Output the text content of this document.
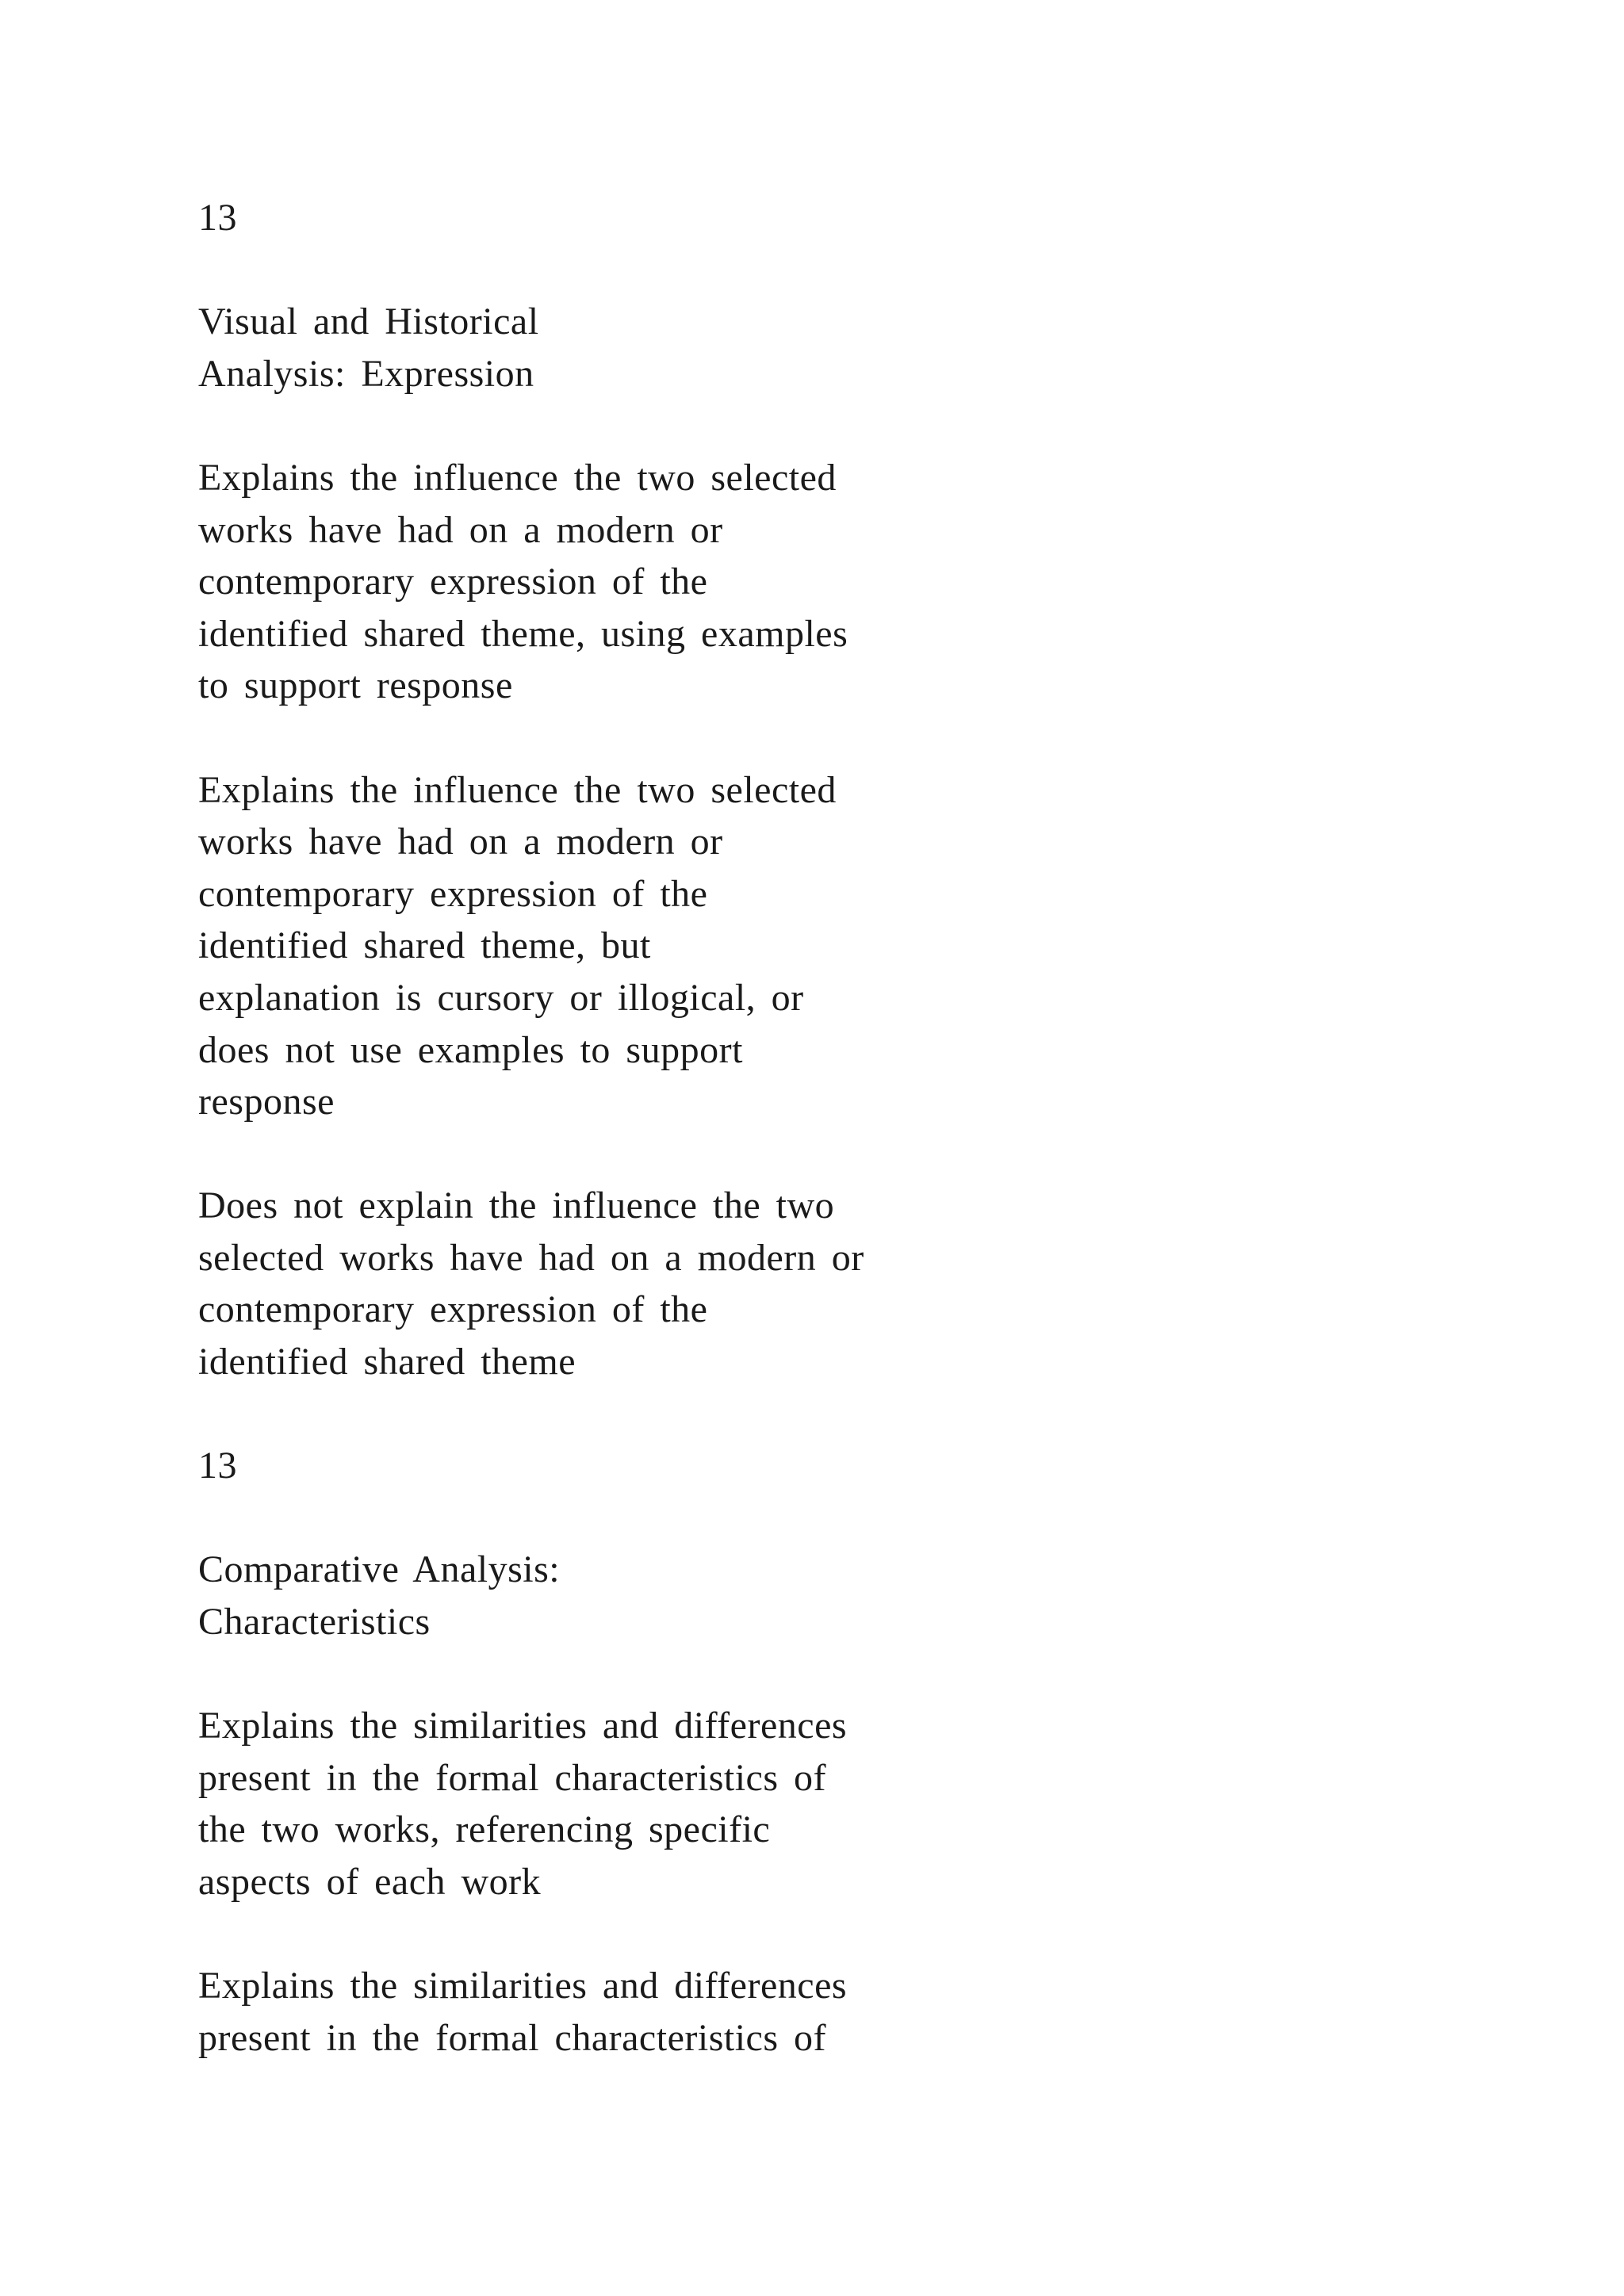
13
Visual and Historical
Analysis: Expression
Explains the influence the two selected
works have had on a modern or
contemporary expression of the
identified shared theme, using examples
to support response
Explains the influence the two selected
works have had on a modern or
contemporary expression of the
identified shared theme, but
explanation is cursory or illogical, or
does not use examples to support
response
Does not explain the influence the two
selected works have had on a modern or
contemporary expression of the
identified shared theme
13
Comparative Analysis:
Characteristics
Explains the similarities and differences
present in the formal characteristics of
the two works, referencing specific
aspects of each work
Explains the similarities and differences
present in the formal characteristics of
